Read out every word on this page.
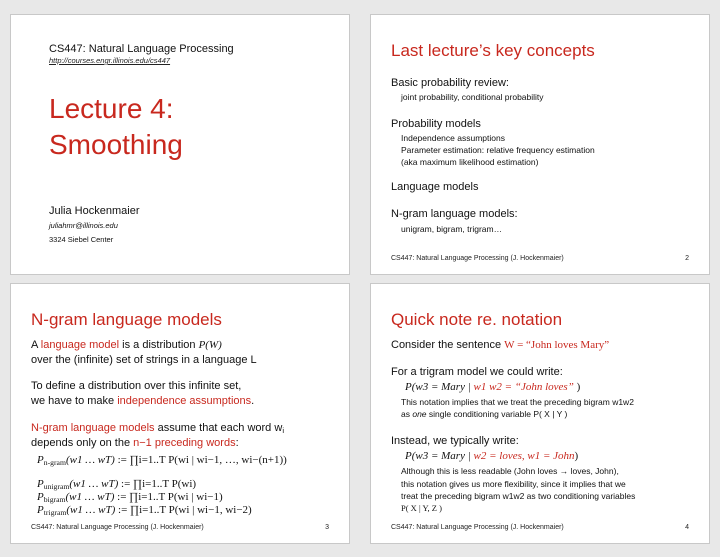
CS447: Natural Language Processing
http://courses.engr.illinois.edu/cs447
Lecture 4:
Smoothing
Julia Hockenmaier
juliahmr@illinois.edu
3324 Siebel Center
Last lecture’s key concepts
Basic probability review:
joint probability, conditional probability
Probability models
Independence assumptions
Parameter estimation: relative frequency estimation
(aka maximum likelihood estimation)
Language models
N-gram language models:
unigram, bigram, trigram…
CS447: Natural Language Processing (J. Hockenmaier)	2
N-gram language models
A language model is a distribution P(W)
over the (infinite) set of strings in a language L
To define a distribution over this infinite set,
we have to make independence assumptions.
N-gram language models assume that each word $w_i$
depends only on the n−1 preceding words:
$P_{n-gram}(w1$ … wT) := ∏i=1..T P(wi | wi−1, …, wi−(n+1))
$P_{unigram}(w1$ … wT) := ∏i=1..T P(wi)
$P_{bigram}(w1$ … wT) := ∏i=1..T P(wi | wi−1)
$P_{trigram}(w1$ … wT) := ∏i=1..T P(wi | wi−1, wi−2)
CS447: Natural Language Processing (J. Hockenmaier)	3
Quick note re. notation
Consider the sentence W = “John loves Mary”
For a trigram model we could write:
P(w3 = Mary | w1 w2 = “John loves” )
This notation implies that we treat the preceding bigram w1w2
as one single conditioning variable P( X | Y )
Instead, we typically write:
P(w3 = Mary | w2 = loves, w1 = John)
Although this is less readable (John loves → loves, John),
this notation gives us more flexibility, since it implies that we
treat the preceding bigram w1w2 as two conditioning variables
P( X | Y, Z )
CS447: Natural Language Processing (J. Hockenmaier)	4
